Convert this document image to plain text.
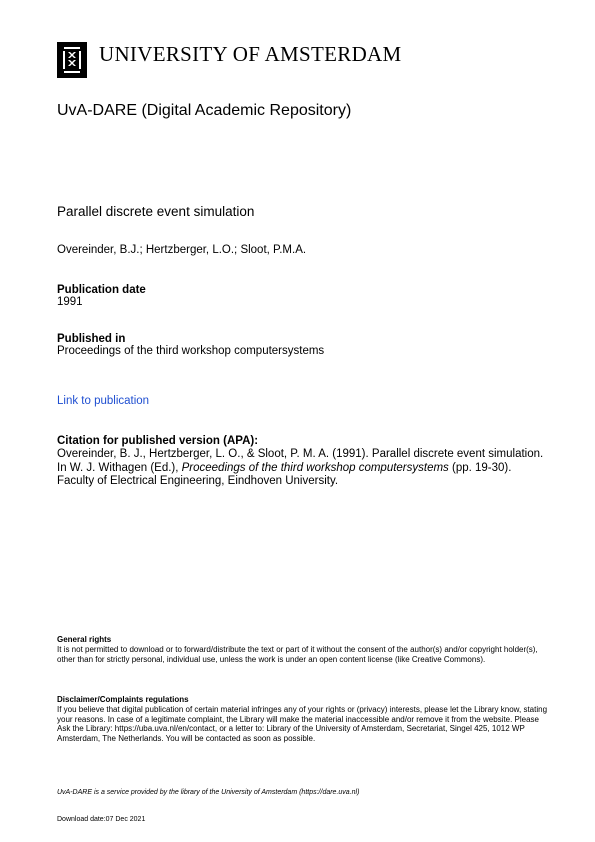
UNIVERSITY OF AMSTERDAM
UvA-DARE (Digital Academic Repository)
Parallel discrete event simulation
Overeinder, B.J.; Hertzberger, L.O.; Sloot, P.M.A.
Publication date
1991
Published in
Proceedings of the third workshop computersystems
Link to publication
Citation for published version (APA):
Overeinder, B. J., Hertzberger, L. O., & Sloot, P. M. A. (1991). Parallel discrete event simulation. In W. J. Withagen (Ed.), Proceedings of the third workshop computersystems (pp. 19-30). Faculty of Electrical Engineering, Eindhoven University.
General rights
It is not permitted to download or to forward/distribute the text or part of it without the consent of the author(s) and/or copyright holder(s), other than for strictly personal, individual use, unless the work is under an open content license (like Creative Commons).
Disclaimer/Complaints regulations
If you believe that digital publication of certain material infringes any of your rights or (privacy) interests, please let the Library know, stating your reasons. In case of a legitimate complaint, the Library will make the material inaccessible and/or remove it from the website. Please Ask the Library: https://uba.uva.nl/en/contact, or a letter to: Library of the University of Amsterdam, Secretariat, Singel 425, 1012 WP Amsterdam, The Netherlands. You will be contacted as soon as possible.
UvA-DARE is a service provided by the library of the University of Amsterdam (https://dare.uva.nl)
Download date:07 Dec 2021
